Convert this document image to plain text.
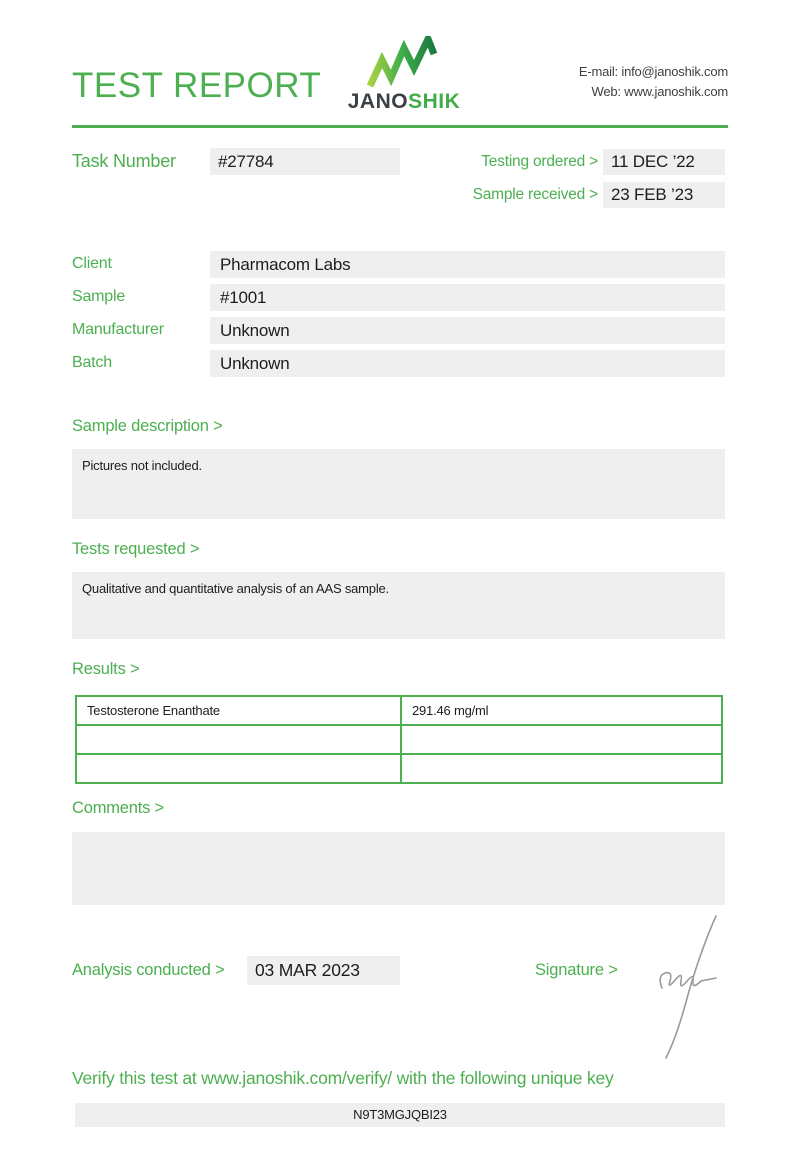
TEST REPORT	JANOSHIK
E-mail: info@janoshik.com
Web: www.janoshik.com
Task Number	#27784	Testing ordered > 11 DEC ’22
Sample received > 23 FEB ’23
Client	Pharmacom Labs
Sample	#1001
Manufacturer	Unknown
Batch	Unknown
Sample description >
Pictures not included.
Tests requested >
Qualitative and quantitative analysis of an AAS sample.
Results >
Testosterone Enanthate	291.46 mg/ml

Comments >
Analysis conducted >	03 MAR 2023	Signature >
Verify this test at www.janoshik.com/verify/ with the following unique key
N9T3MGJQBI23
